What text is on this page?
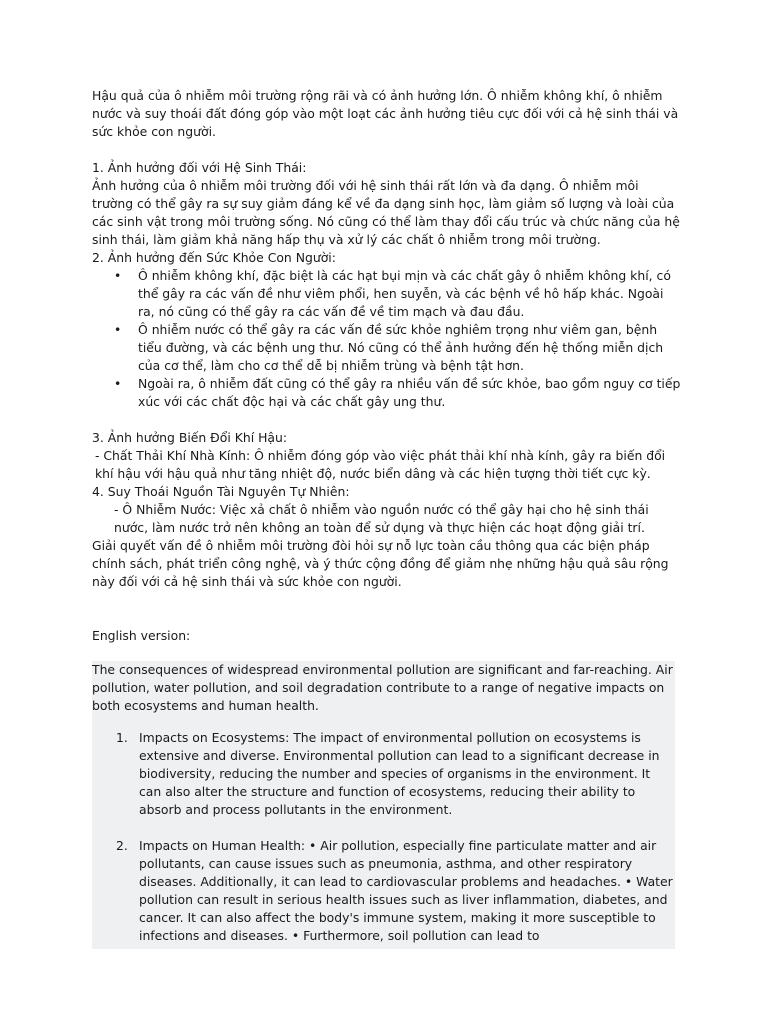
Hậu quả của ô nhiễm môi trường rộng rãi và có ảnh hưởng lớn. Ô nhiễm không khí, ô nhiễm nước và suy thoái đất đóng góp vào một loạt các ảnh hưởng tiêu cực đối với cả hệ sinh thái và sức khỏe con người.

1. Ảnh hưởng đối với Hệ Sinh Thái:

Ảnh hưởng của ô nhiễm môi trường đối với hệ sinh thái rất lớn và đa dạng. Ô nhiễm môi trường có thể gây ra sự suy giảm đáng kể về đa dạng sinh học, làm giảm số lượng và loài của các sinh vật trong môi trường sống. Nó cũng có thể làm thay đổi cấu trúc và chức năng của hệ sinh thái, làm giảm khả năng hấp thụ và xử lý các chất ô nhiễm trong môi trường.

2. Ảnh hưởng đến Sức Khỏe Con Người:

• Ô nhiễm không khí, đặc biệt là các hạt bụi mịn và các chất gây ô nhiễm không khí, có thể gây ra các vấn đề như viêm phổi, hen suyễn, và các bệnh về hô hấp khác. Ngoài ra, nó cũng có thể gây ra các vấn đề về tim mạch và đau đầu.
• Ô nhiễm nước có thể gây ra các vấn đề sức khỏe nghiêm trọng như viêm gan, bệnh tiểu đường, và các bệnh ung thư. Nó cũng có thể ảnh hưởng đến hệ thống miễn dịch của cơ thể, làm cho cơ thể dễ bị nhiễm trùng và bệnh tật hơn.
• Ngoài ra, ô nhiễm đất cũng có thể gây ra nhiều vấn đề sức khỏe, bao gồm nguy cơ tiếp xúc với các chất độc hại và các chất gây ung thư.

3. Ảnh hưởng Biến Đổi Khí Hậu:

- Chất Thải Khí Nhà Kính: Ô nhiễm đóng góp vào việc phát thải khí nhà kính, gây ra biến đổi khí hậu với hậu quả như tăng nhiệt độ, nước biển dâng và các hiện tượng thời tiết cực kỳ.

4. Suy Thoái Nguồn Tài Nguyên Tự Nhiên:

- Ô Nhiễm Nước: Việc xả chất ô nhiễm vào nguồn nước có thể gây hại cho hệ sinh thái nước, làm nước trở nên không an toàn để sử dụng và thực hiện các hoạt động giải trí.

Giải quyết vấn đề ô nhiễm môi trường đòi hỏi sự nỗ lực toàn cầu thông qua các biện pháp chính sách, phát triển công nghệ, và ý thức cộng đồng để giảm nhẹ những hậu quả sâu rộng này đối với cả hệ sinh thái và sức khỏe con người.

English version:

The consequences of widespread environmental pollution are significant and far-reaching. Air pollution, water pollution, and soil degradation contribute to a range of negative impacts on both ecosystems and human health.

1. Impacts on Ecosystems: The impact of environmental pollution on ecosystems is extensive and diverse. Environmental pollution can lead to a significant decrease in biodiversity, reducing the number and species of organisms in the environment. It can also alter the structure and function of ecosystems, reducing their ability to absorb and process pollutants in the environment.
2. Impacts on Human Health: • Air pollution, especially fine particulate matter and air pollutants, can cause issues such as pneumonia, asthma, and other respiratory diseases. Additionally, it can lead to cardiovascular problems and headaches. • Water pollution can result in serious health issues such as liver inflammation, diabetes, and cancer. It can also affect the body's immune system, making it more susceptible to infections and diseases. • Furthermore, soil pollution can lead to
